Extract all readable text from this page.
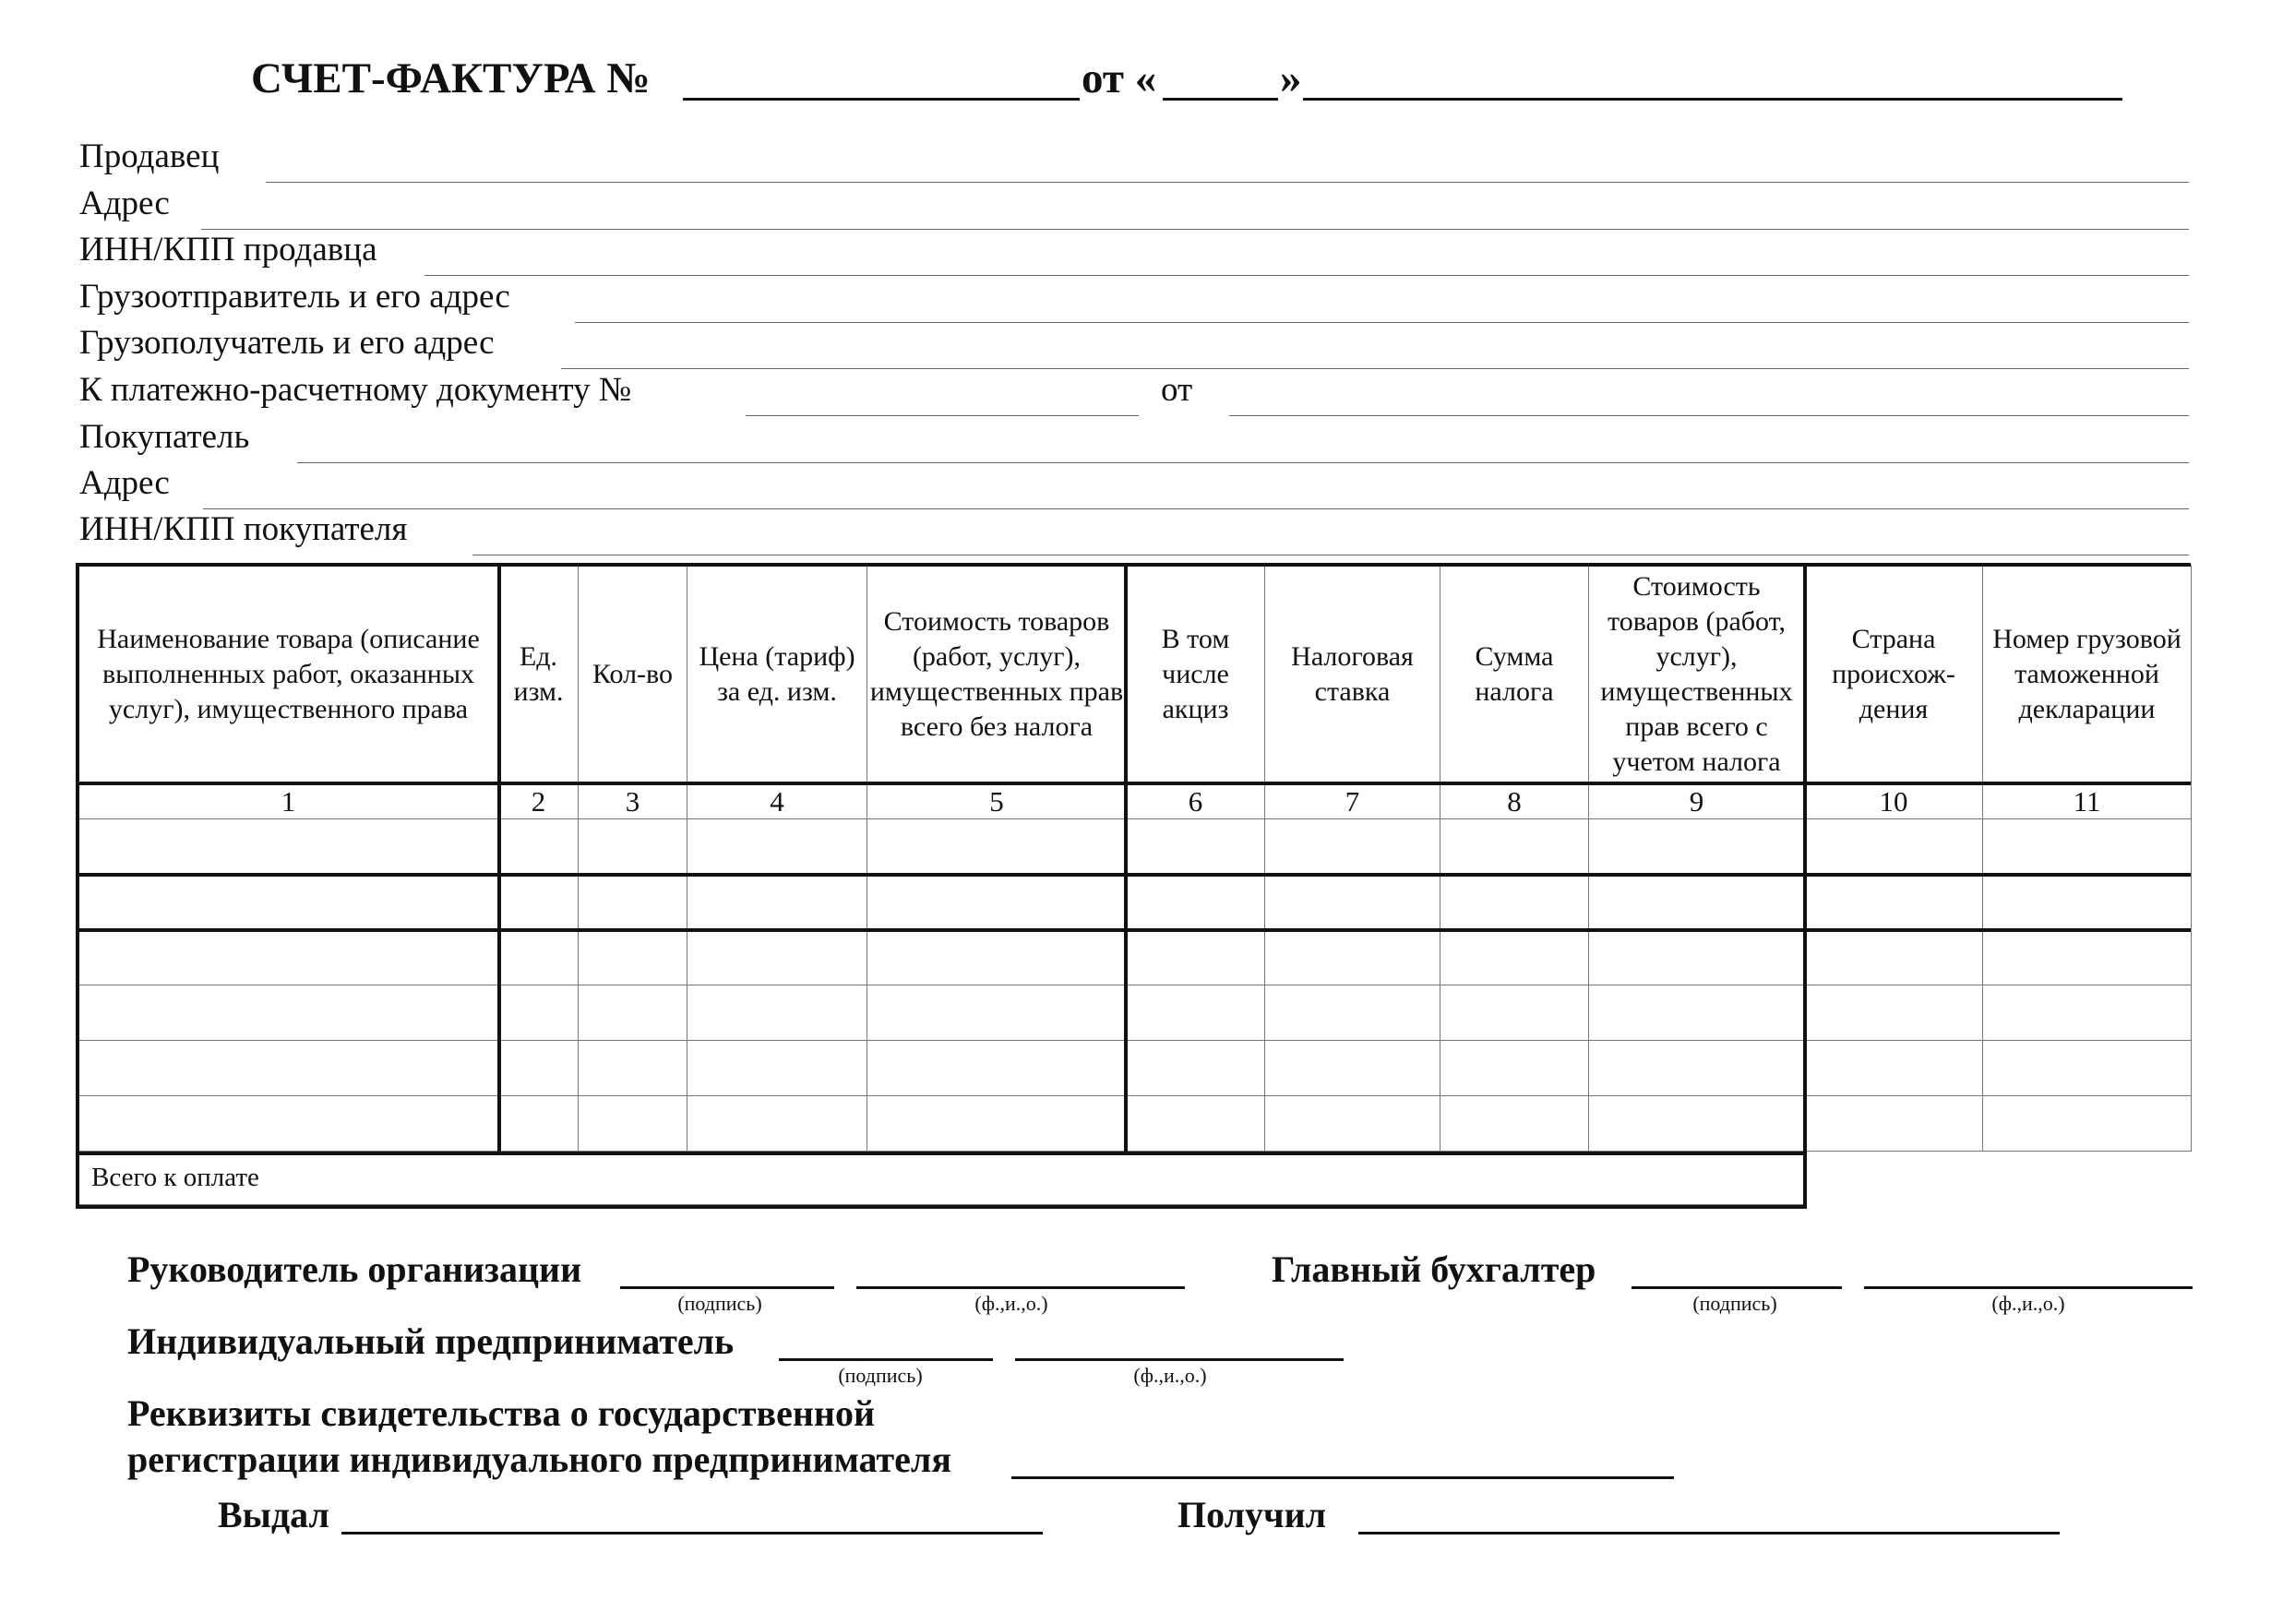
СЧЕТ-ФАКТУРА №	от «	»
Продавец
Адрес
ИНН/КПП продавца
Грузоотправитель и его адрес
Грузополучатель и его адрес
К платежно-расчетному документу №	от
Покупатель
Адрес
ИНН/КПП покупателя
Наименование товара (описание выполненных работ, оказанных услуг), имущественного права	Ед. изм.	Кол-во	Цена (тариф) за ед. изм.	Стоимость товаров (работ, услуг), имущественных прав всего без налога	В том числе акциз	Налоговая ставка	Сумма налога	Стоимость товаров (работ, услуг), имущественных прав всего с учетом налога	Страна происхож-дения	Номер грузовой таможенной декларации
1	2	3	4	5	6	7	8	9	10	11

Всего к оплате										
Руководитель организации
(подпись)	(ф.,и.,о.)
Главный бухгалтер
(подпись)	(ф.,и.,о.)
Индивидуальный предприниматель
(подпись)	(ф.,и.,о.)
Реквизиты свидетельства о государственной
регистрации индивидуального предпринимателя
Выдал	Получил
